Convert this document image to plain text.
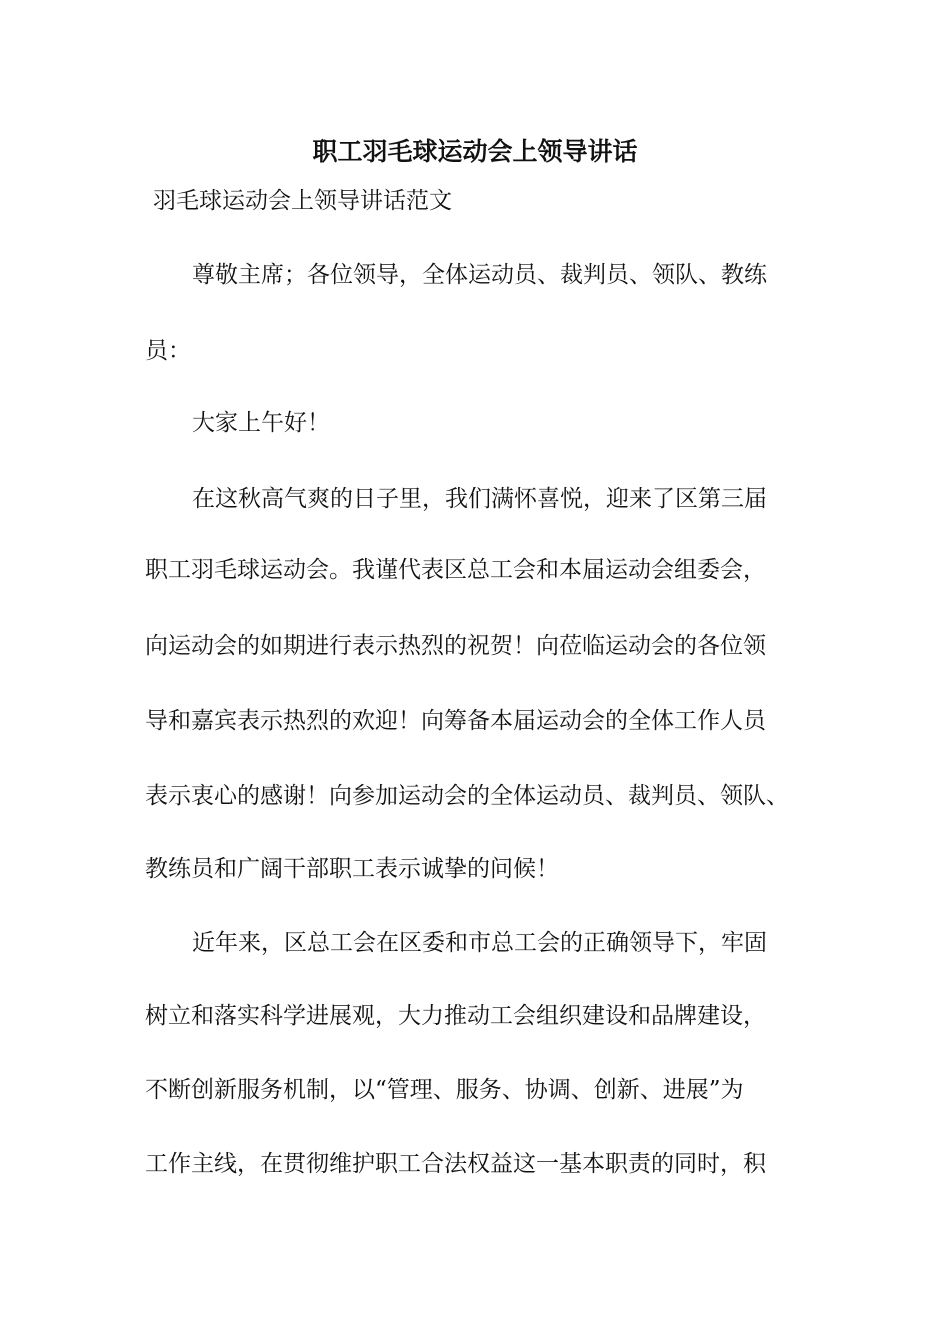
职工羽毛球运动会上领导讲话
羽毛球运动会上领导讲话范文
尊敬主席；各位领导，全体运动员、裁判员、领队、教练
员：
大家上午好！
在这秋高气爽的日子里，我们满怀喜悦，迎来了区第三届
职工羽毛球运动会。我谨代表区总工会和本届运动会组委会，
向运动会的如期进行表示热烈的祝贺！向莅临运动会的各位领
导和嘉宾表示热烈的欢迎！向筹备本届运动会的全体工作人员
表示衷心的感谢！向参加运动会的全体运动员、裁判员、领队、
教练员和广阔干部职工表示诚挚的问候！
近年来，区总工会在区委和市总工会的正确领导下，牢固
树立和落实科学进展观，大力推动工会组织建设和品牌建设，
不断创新服务机制，以“管理、服务、协调、创新、进展”为
工作主线，在贯彻维护职工合法权益这一基本职责的同时，积
